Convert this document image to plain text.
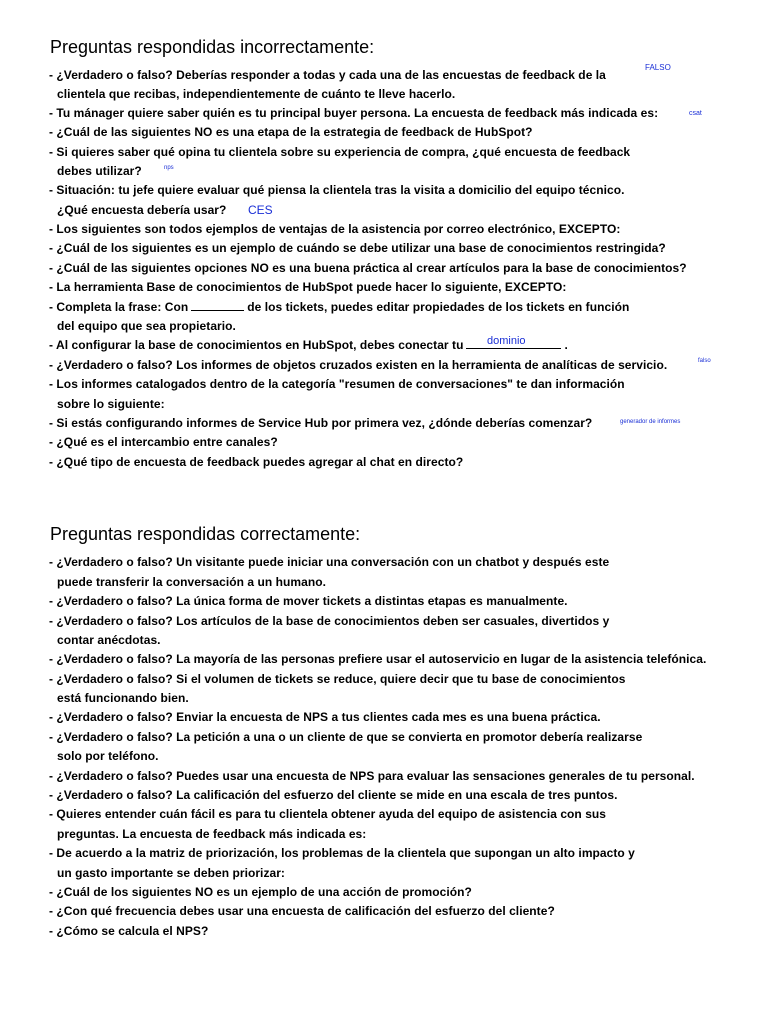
Preguntas respondidas incorrectamente:

- ¿Verdadero o falso? Deberías responder a todas y cada una de las encuestas de feedback de la

clientela que recibas, independientemente de cuánto te lleve hacerlo.

FALSO

- Tu mánager quiere saber quién es tu principal buyer persona. La encuesta de feedback más indicada es:	csat

- ¿Cuál de las siguientes NO es una etapa de la estrategia de feedback de HubSpot?

- Si quieres saber qué opina tu clientela sobre su experiencia de compra, ¿qué encuesta de feedback

debes utilizar?	nps

- Situación: tu jefe quiere evaluar qué piensa la clientela tras la visita a domicilio del equipo técnico.

¿Qué encuesta debería usar? CES

- Los siguientes son todos ejemplos de ventajas de la asistencia por correo electrónico, EXCEPTO:

- ¿Cuál de los siguientes es un ejemplo de cuándo se debe utilizar una base de conocimientos restringida?

- ¿Cuál de las siguientes opciones NO es una buena práctica al crear artículos para la base de conocimientos?

- La herramienta Base de conocimientos de HubSpot puede hacer lo siguiente, EXCEPTO:

- Completa la frase: Con	de los tickets, puedes editar propiedades de los tickets en función

del equipo que sea propietario.

- Al configurar la base de conocimientos en HubSpot, debes conectar tu	.

dominio

- ¿Verdadero o falso? Los informes de objetos cruzados existen en la herramienta de analíticas de servicio.	falso

- Los informes catalogados dentro de la categoría "resumen de conversaciones" te dan información

sobre lo siguiente:

- Si estás configurando informes de Service Hub por primera vez, ¿dónde deberías comenzar?	generador de informes

- ¿Qué es el intercambio entre canales?

- ¿Qué tipo de encuesta de feedback puedes agregar al chat en directo?

Preguntas respondidas correctamente:

- ¿Verdadero o falso? Un visitante puede iniciar una conversación con un chatbot y después este

puede transferir la conversación a un humano.

- ¿Verdadero o falso? La única forma de mover tickets a distintas etapas es manualmente.

- ¿Verdadero o falso? Los artículos de la base de conocimientos deben ser casuales, divertidos y

contar anécdotas.

- ¿Verdadero o falso? La mayoría de las personas prefiere usar el autoservicio en lugar de la asistencia telefónica.

- ¿Verdadero o falso? Si el volumen de tickets se reduce, quiere decir que tu base de conocimientos

está funcionando bien.

- ¿Verdadero o falso? Enviar la encuesta de NPS a tus clientes cada mes es una buena práctica.

- ¿Verdadero o falso? La petición a una o un cliente de que se convierta en promotor debería realizarse

solo por teléfono.

- ¿Verdadero o falso? Puedes usar una encuesta de NPS para evaluar las sensaciones generales de tu personal.

- ¿Verdadero o falso? La calificación del esfuerzo del cliente se mide en una escala de tres puntos.

- Quieres entender cuán fácil es para tu clientela obtener ayuda del equipo de asistencia con sus

preguntas. La encuesta de feedback más indicada es:

- De acuerdo a la matriz de priorización, los problemas de la clientela que supongan un alto impacto y

un gasto importante se deben priorizar:

- ¿Cuál de los siguientes NO es un ejemplo de una acción de promoción?

- ¿Con qué frecuencia debes usar una encuesta de calificación del esfuerzo del cliente?

- ¿Cómo se calcula el NPS?
